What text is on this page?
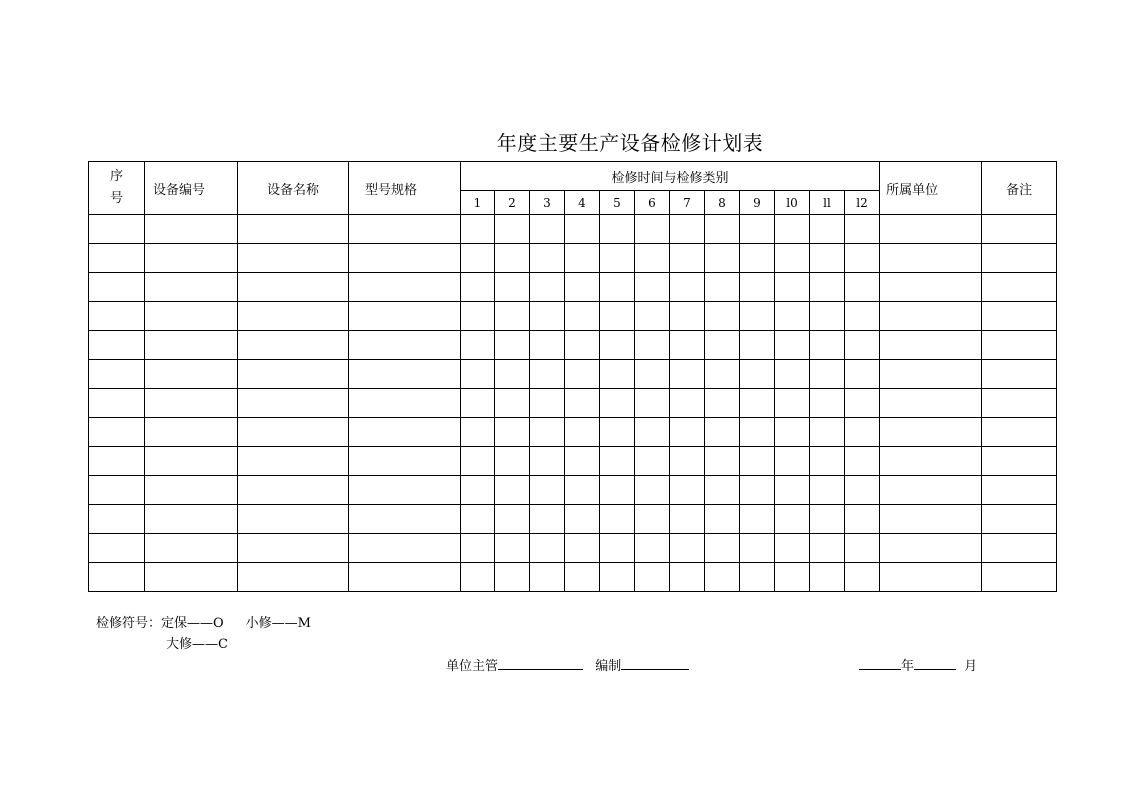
年度主要生产设备检修计划表
序号	设备编号	设备名称	型号规格	检修时间与检修类别												所属单位	备注
				1	2	3	4	5	6	7	8	9	l0	ll	l2		

检修符号：定保——O 小修——M
大修——C
单位主管	编制	年	月
